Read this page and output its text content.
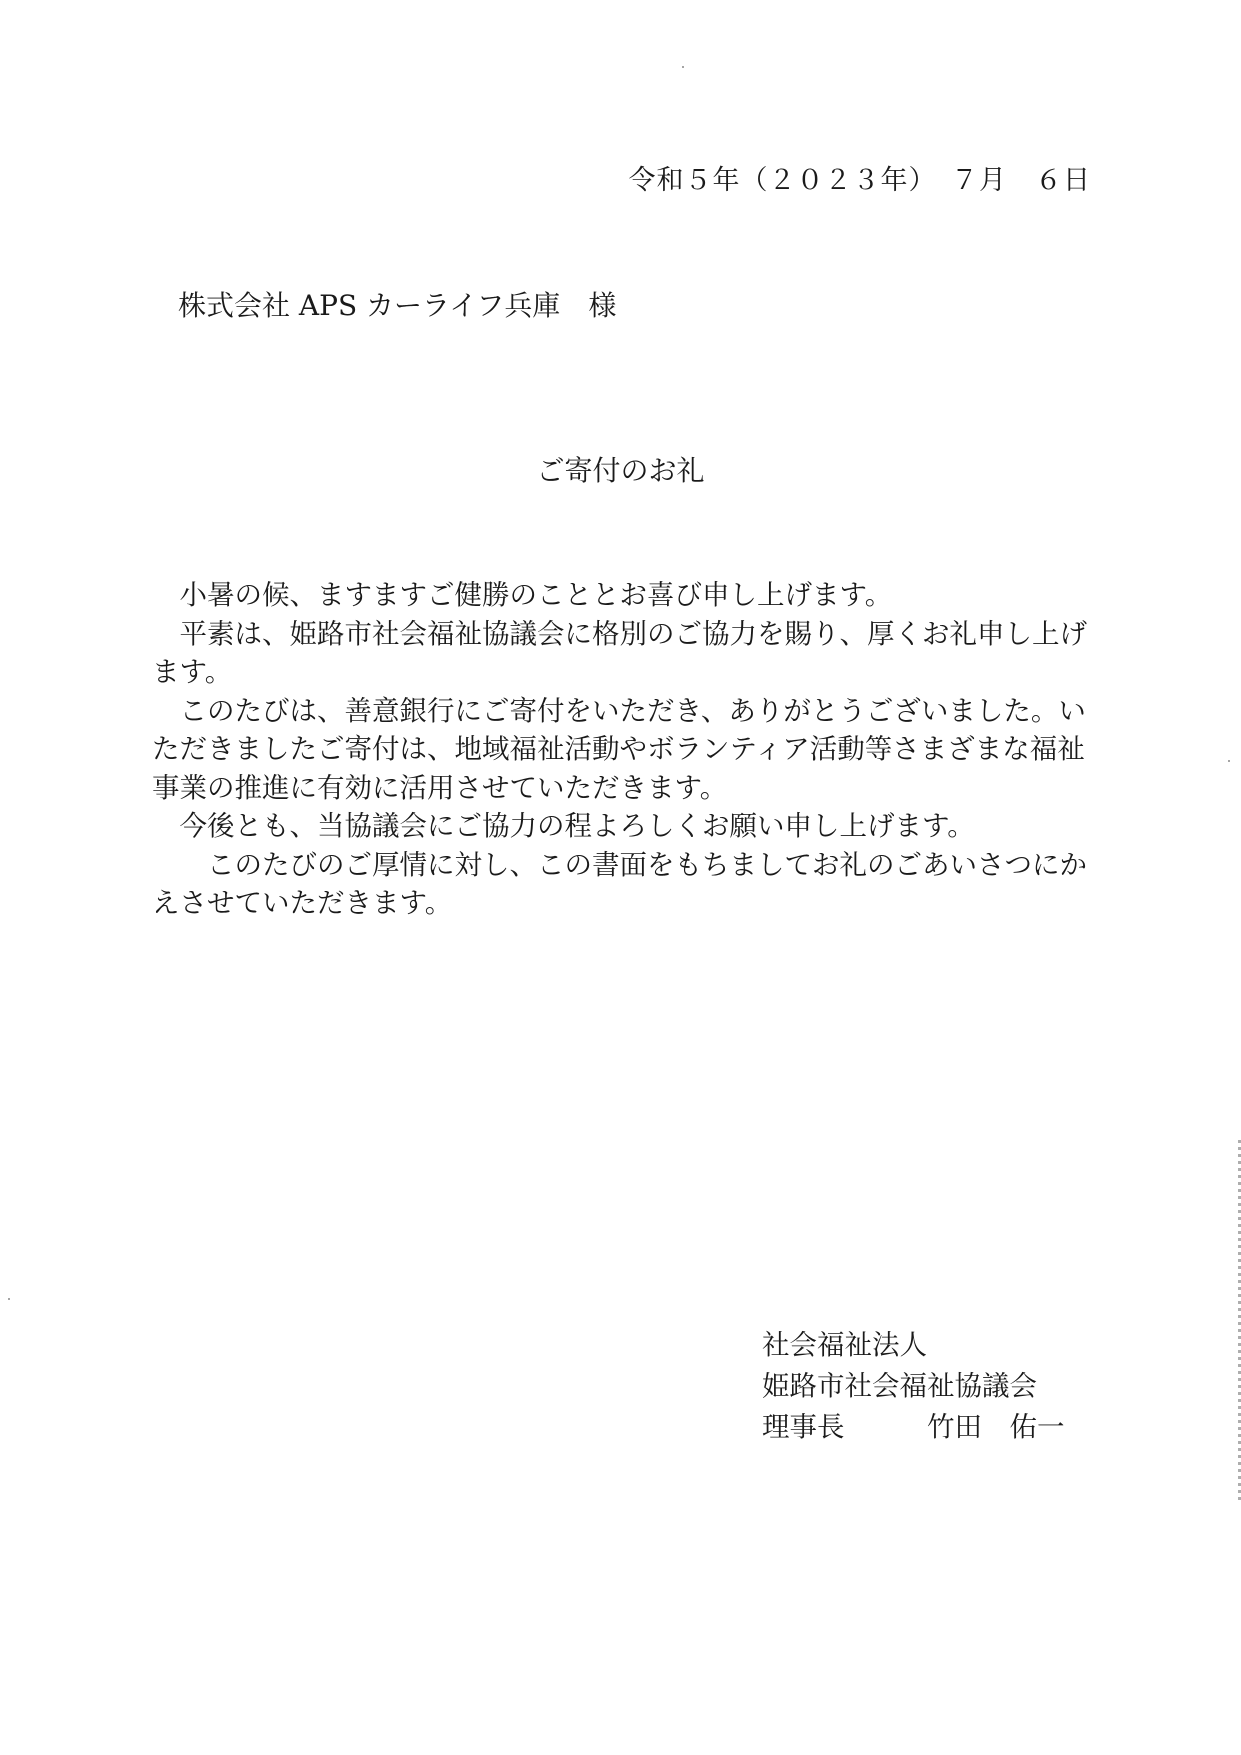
令和５年（２０２３年）　７月　６日
株式会社 APS カーライフ兵庫　様
ご寄付のお礼

　小暑の候、ますますご健勝のこととお喜び申し上げます。

　平素は、姫路市社会福祉協議会に格別のご協力を賜り、厚くお礼申し上げます。

　このたびは、善意銀行にご寄付をいただき、ありがとうございました。いただきましたご寄付は、地域福祉活動やボランティア活動等さまざまな福祉事業の推進に有効に活用させていただきます。

　今後とも、当協議会にご協力の程よろしくお願い申し上げます。

　　このたびのご厚情に対し、この書面をもちましてお礼のごあいさつにかえさせていただきます。

社会福祉法人
姫路市社会福祉協議会
理事長　　　竹田　佑一
